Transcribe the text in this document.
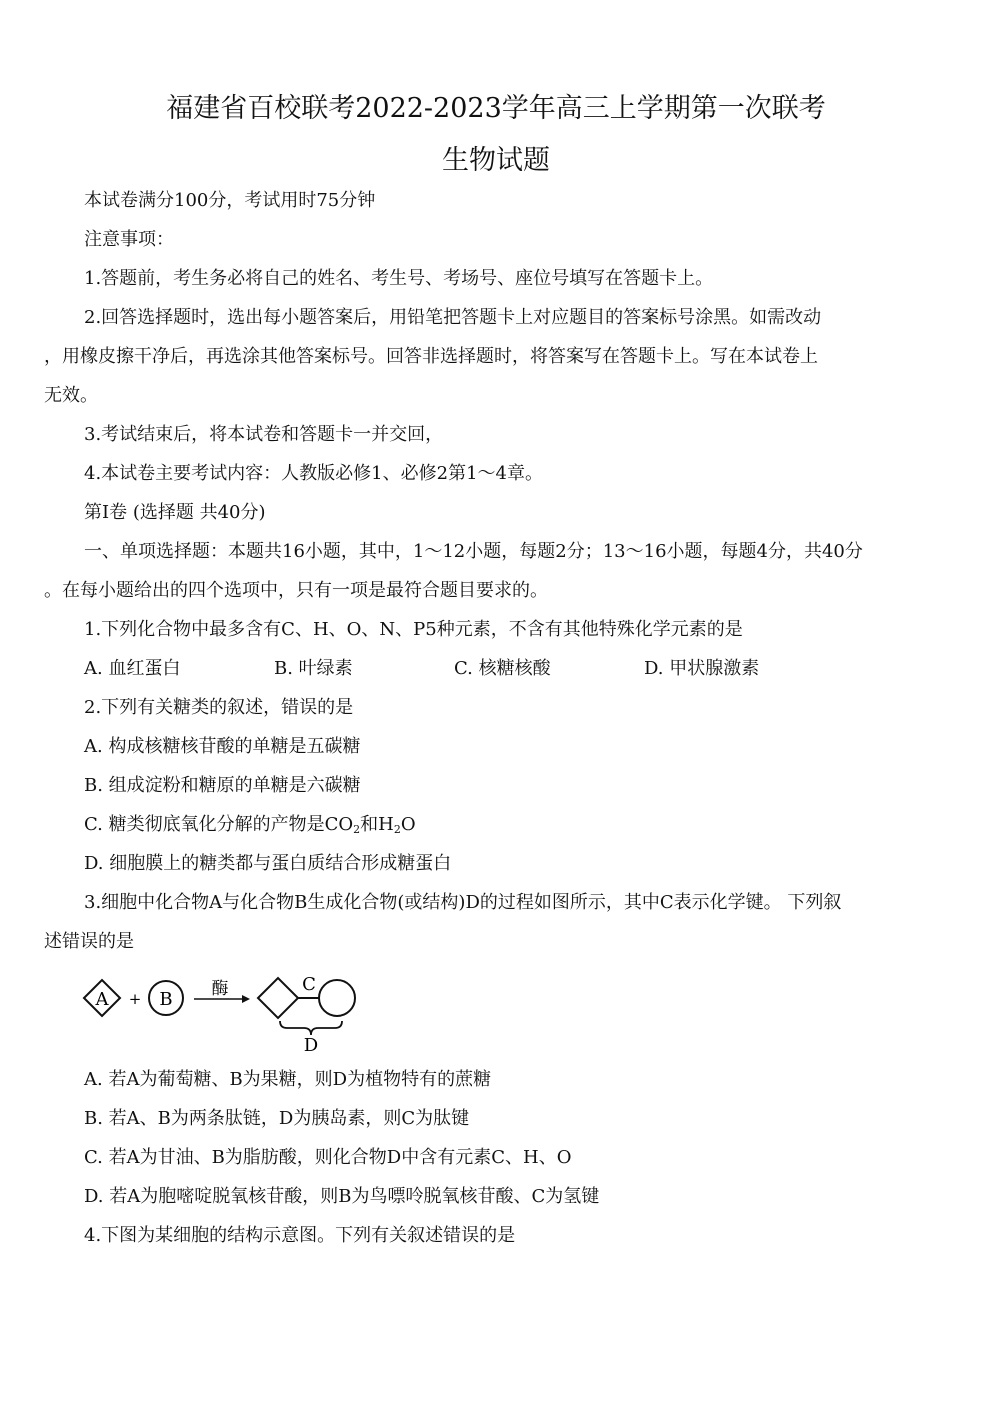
福建省百校联考2022-2023学年高三上学期第一次联考
生物试题
本试卷满分100分，考试用时75分钟
注意事项：
1.答题前，考生务必将自己的姓名、考生号、考场号、座位号填写在答题卡上。
2.回答选择题时，选出每小题答案后，用铅笔把答题卡上对应题目的答案标号涂黑。如需改动
，用橡皮擦干净后，再选涂其他答案标号。回答非选择题时，将答案写在答题卡上。写在本试卷上
无效。
3.考试结束后，将本试卷和答题卡一并交回，
4.本试卷主要考试内容：人教版必修1、必修2第1～4章。
第I卷 (选择题 共40分)
一、单项选择题：本题共16小题，其中，1～12小题，每题2分；13～16小题，每题4分，共40分
。在每小题给出的四个选项中，只有一项是最符合题目要求的。
1.下列化合物中最多含有C、H、O、N、P5种元素，不含有其他特殊化学元素的是
A. 血红蛋白	B. 叶绿素	C. 核糖核酸	D. 甲状腺激素
2.下列有关糖类的叙述，错误的是
A. 构成核糖核苷酸的单糖是五碳糖
B. 组成淀粉和糖原的单糖是六碳糖
C. 糖类彻底氧化分解的产物是$CO_2$和$H_2O$
D. 细胞膜上的糖类都与蛋白质结合形成糖蛋白
3.细胞中化合物A与化合物B生成化合物(或结构)D的过程如图所示，其中C表示化学键。 下列叙
述错误的是
A + B 酶	C
D
A. 若A为葡萄糖、B为果糖，则D为植物特有的蔗糖
B. 若A、B为两条肽链，D为胰岛素，则C为肽键
C. 若A为甘油、B为脂肪酸，则化合物D中含有元素C、H、O
D. 若A为胞嘧啶脱氧核苷酸，则B为鸟嘌呤脱氧核苷酸、C为氢键
4.下图为某细胞的结构示意图。下列有关叙述错误的是
